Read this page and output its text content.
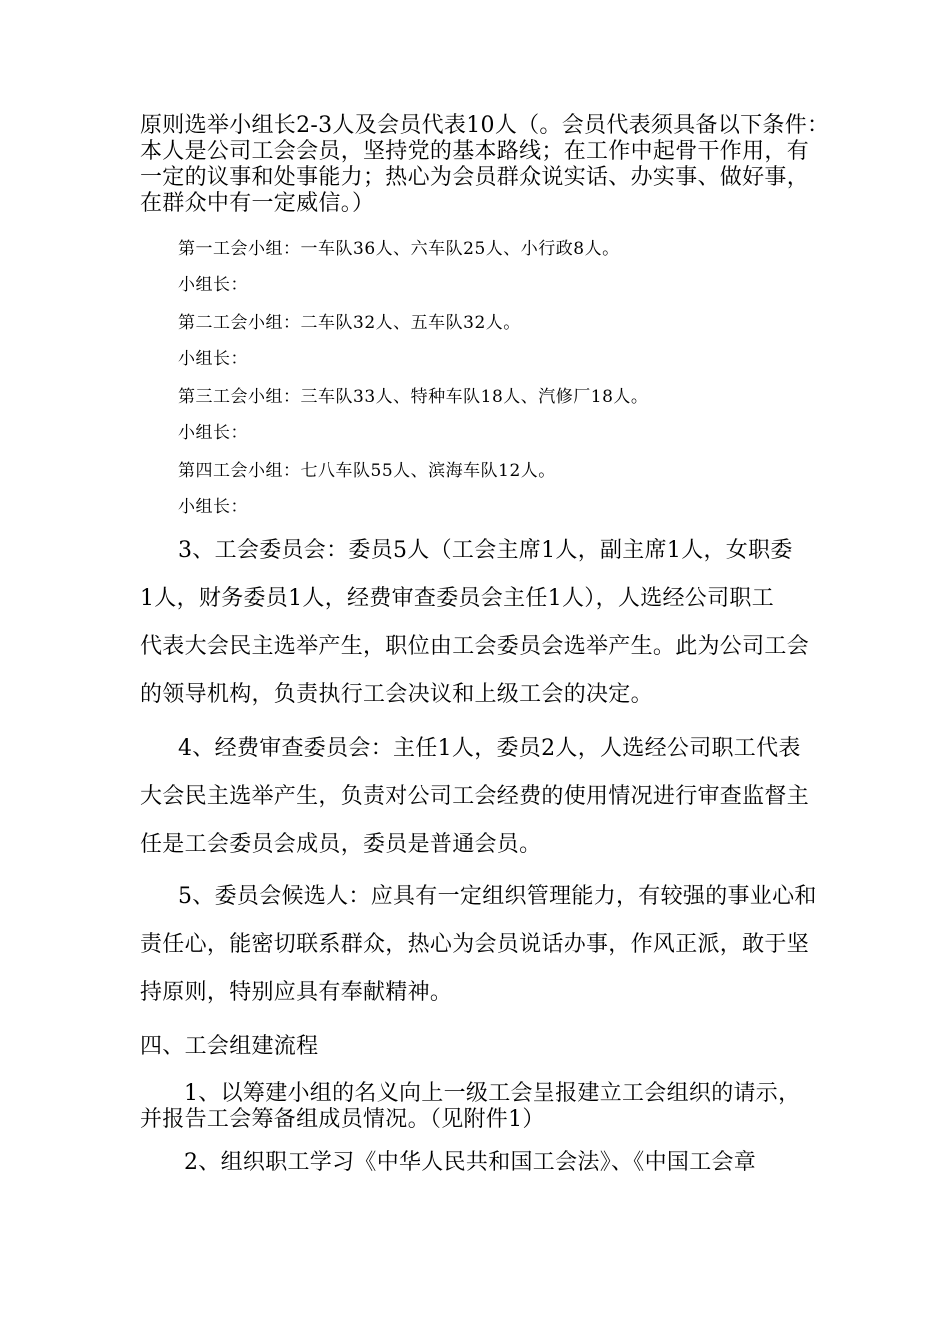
原则选举小组长2-3人及会员代表10人（。会员代表须具备以下条件：

本人是公司工会会员，坚持党的基本路线；在工作中起骨干作用，有

一定的议事和处事能力；热心为会员群众说实话、办实事、做好事，

在群众中有一定威信。）

第一工会小组：一车队36人、六车队25人、小行政8人。

小组长：

第二工会小组：二车队32人、五车队32人。

小组长：

第三工会小组：三车队33人、特种车队18人、汽修厂18人。

小组长：

第四工会小组：七八车队55人、滨海车队12人。

小组长：

3、工会委员会：委员5人（工会主席1人，副主席1人，女职委

1人，财务委员1人，经费审查委员会主任1人），人选经公司职工

代表大会民主选举产生，职位由工会委员会选举产生。此为公司工会

的领导机构，负责执行工会决议和上级工会的决定。

4、经费审查委员会：主任1人，委员2人，人选经公司职工代表

大会民主选举产生，负责对公司工会经费的使用情况进行审查监督主

任是工会委员会成员，委员是普通会员。

5、委员会候选人：应具有一定组织管理能力，有较强的事业心和

责任心，能密切联系群众，热心为会员说话办事，作风正派，敢于坚

持原则，特别应具有奉献精神。

四、工会组建流程

1、以筹建小组的名义向上一级工会呈报建立工会组织的请示，

并报告工会筹备组成员情况。（见附件1）

2、组织职工学习《中华人民共和国工会法》、《中国工会章
